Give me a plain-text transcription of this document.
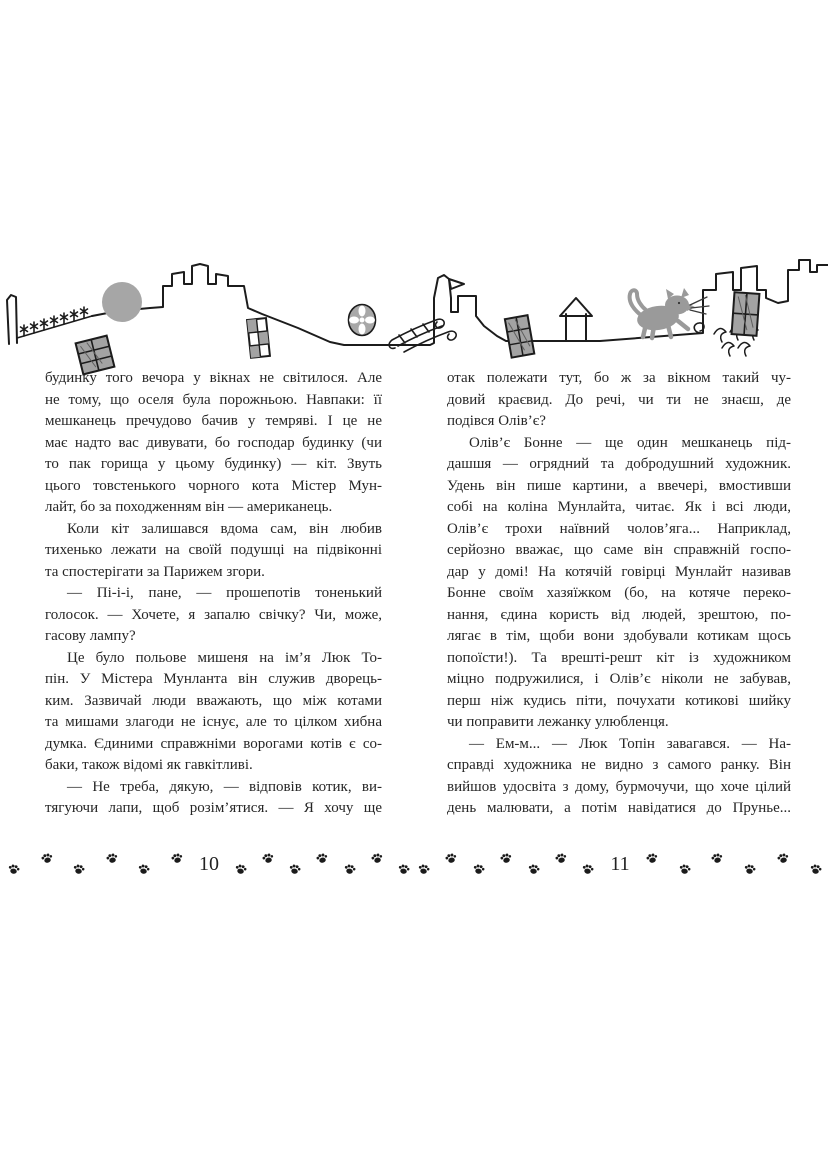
будинку того вечора у вікнах не світилося. Але
не тому, що оселя була порожньою. Навпаки: її
мешканець пречудово бачив у темряві. І це не
має надто вас дивувати, бо господар будинку (чи
то пак горища у цьому будинку) — кіт. Звуть
цього товстенького чорного кота Містер Мун-
лайт, бо за походженням він — американець.
Коли кіт залишався вдома сам, він любив
тихенько лежати на своїй подушці на підвіконні
та спостерігати за Парижем згори.
— Пі-і-і, пане, — прошепотів тоненький
голосок. — Хочете, я запалю свічку? Чи, може,
гасову лампу?
Це було польове мишеня на ім’я Люк То-
пін. У Містера Мунланта він служив дворець-
ким. Зазвичай люди вважають, що між котами
та мишами злагоди не існує, але то цілком хибна
думка. Єдиними справжніми ворогами котів є со-
баки, також відомі як гавкітливі.
— Не треба, дякую, — відповів котик, ви-
тягуючи лапи, щоб розім’ятися. — Я хочу ще
отак полежати тут, бо ж за вікном такий чу-
довий краєвид. До речі, чи ти не знаєш, де
подівся Олів’є?
Олів’є Бонне — ще один мешканець під-
дашшя — огрядний та добродушний художник.
Удень він пише картини, а ввечері, вмостивши
собі на коліна Мунлайта, читає. Як і всі люди,
Олів’є трохи наївний чолов’яга... Наприклад,
серйозно вважає, що саме він справжній госпо-
дар у домі! На котячій говірці Мунлайт називав
Бонне своїм хазяїжком (бо, на котяче переко-
нання, єдина користь від людей, зрештою, по-
лягає в тім, щоби вони здобували котикам щось
попоїсти!). Та врешті-решт кіт із художником
міцно подружилися, і Олів’є ніколи не забував,
перш ніж кудись піти, почухати котикові шийку
чи поправити лежанку улюбленця.
— Ем-м... — Люк Топін завагався. — На-
справді художника не видно з самого ранку. Він
вийшов удосвіта з дому, бурмочучи, що хоче цілий
день малювати, а потім навідатися до Прунье...
10	11
